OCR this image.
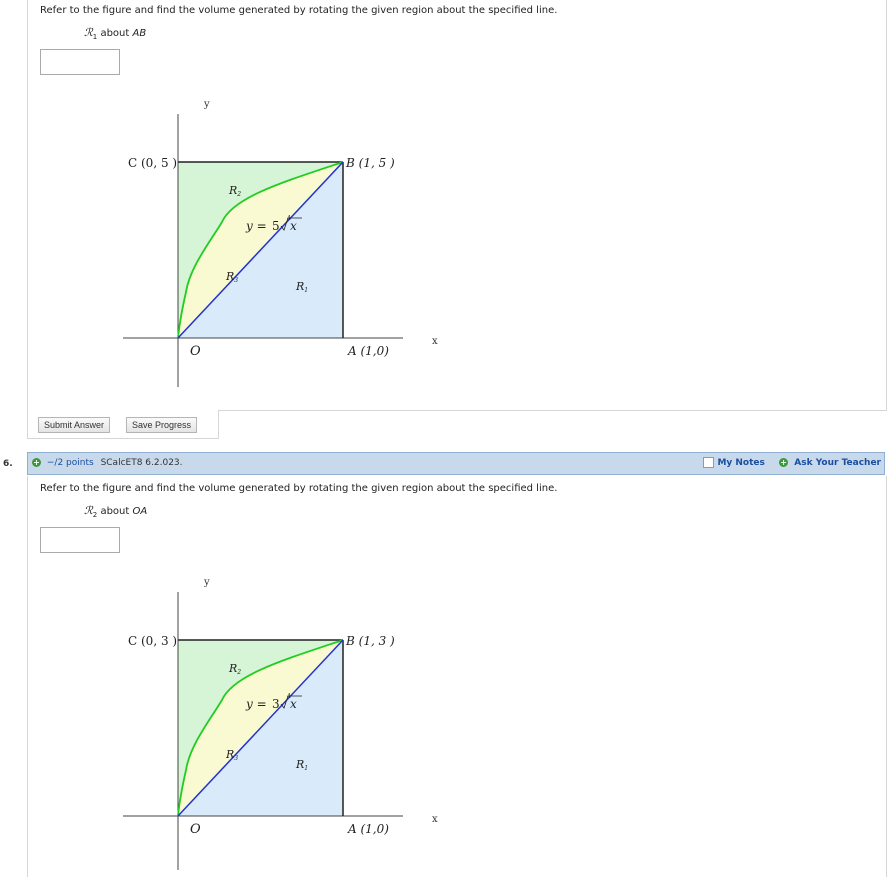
Refer to the figure and find the volume generated by rotating the given region about the specified line.
ℛ$_1$ about AB
y
x
C (0, 5 )	B (1, 5 )
A (1,0)
O
y = 5
4
x
R2
R3	R1
Submit Answer	Save Progress
6.	+ −/2 points SCalcET8 6.2.023.	My Notes + Ask Your Teacher
Refer to the figure and find the volume generated by rotating the given region about the specified line.
ℛ$_2$ about OA
y
x
C (0, 3 )	B (1, 3 )
A (1,0)
O
y = 3
4
x
R2
R3	R1
